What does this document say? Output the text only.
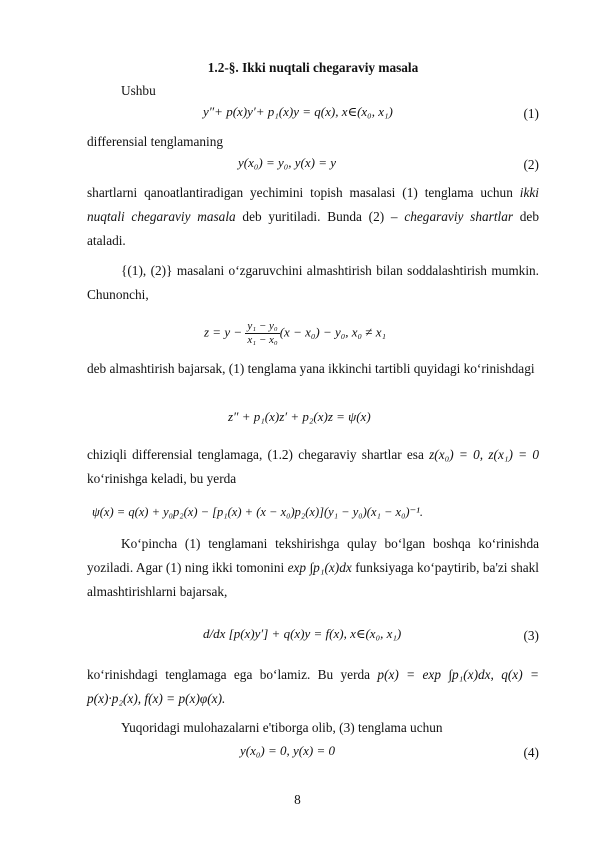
1.2-§. Ikki nuqtali chegaraviy masala
Ushbu
y″+ p(x)y′+ p₁(x)y = q(x), x∈(x₀, x₁)	(1)
differensial tenglamaning
y(x₀) = y₀, y(x) = y	(2)
shartlarni qanoatlantiradigan yechimini topish masalasi (1) tenglama uchun ikki nuqtali chegaraviy masala deb yuritiladi. Bunda (2) – chegaraviy shartlar deb ataladi.
{(1), (2)} masalani o‘zgaruvchini almashtirish bilan soddalashtirish mumkin. Chunonchi,
$z = y - \frac{\text{y₁ − y₀}}{\text{x₁ − x₀}} (x - x_0) - y_0$, x₀ ≠ x₁
deb almashtirish bajarsak, (1) tenglama yana ikkinchi tartibli quyidagi ko‘rinishdagi
z″ + p₁(x)z′ + p₂(x)z = ψ(x)
chiziqli differensial tenglamaga, (1.2) chegaraviy shartlar esa z(x₀) = 0, z(x₁) = 0 ko‘rinishga keladi, bu yerda
ψ(x) = q(x) + y₀p₂(x) − [p₁(x) + (x − x₀)p₂(x)](y₁ − y₀)(x₁ − x₀)⁻¹.
Ko‘pincha (1) tenglamani tekshirishga qulay bo‘lgan boshqa ko‘rinishda yoziladi. Agar (1) ning ikki tomonini exp ∫p₁(x)dx funksiyaga ko‘paytirib, ba'zi shakl almashtirishlarni bajarsak,
d/dx [p(x)y′] + q(x)y = f(x), x∈(x₀, x₁)	(3)
ko‘rinishdagi tenglamaga ega bo‘lamiz. Bu yerda p(x) = exp ∫p₁(x)dx, q(x) = p(x)·p₂(x), f(x) = p(x)φ(x).
Yuqoridagi mulohazalarni e'tiborga olib, (3) tenglama uchun
y(x₀) = 0, y(x) = 0	(4)
8
